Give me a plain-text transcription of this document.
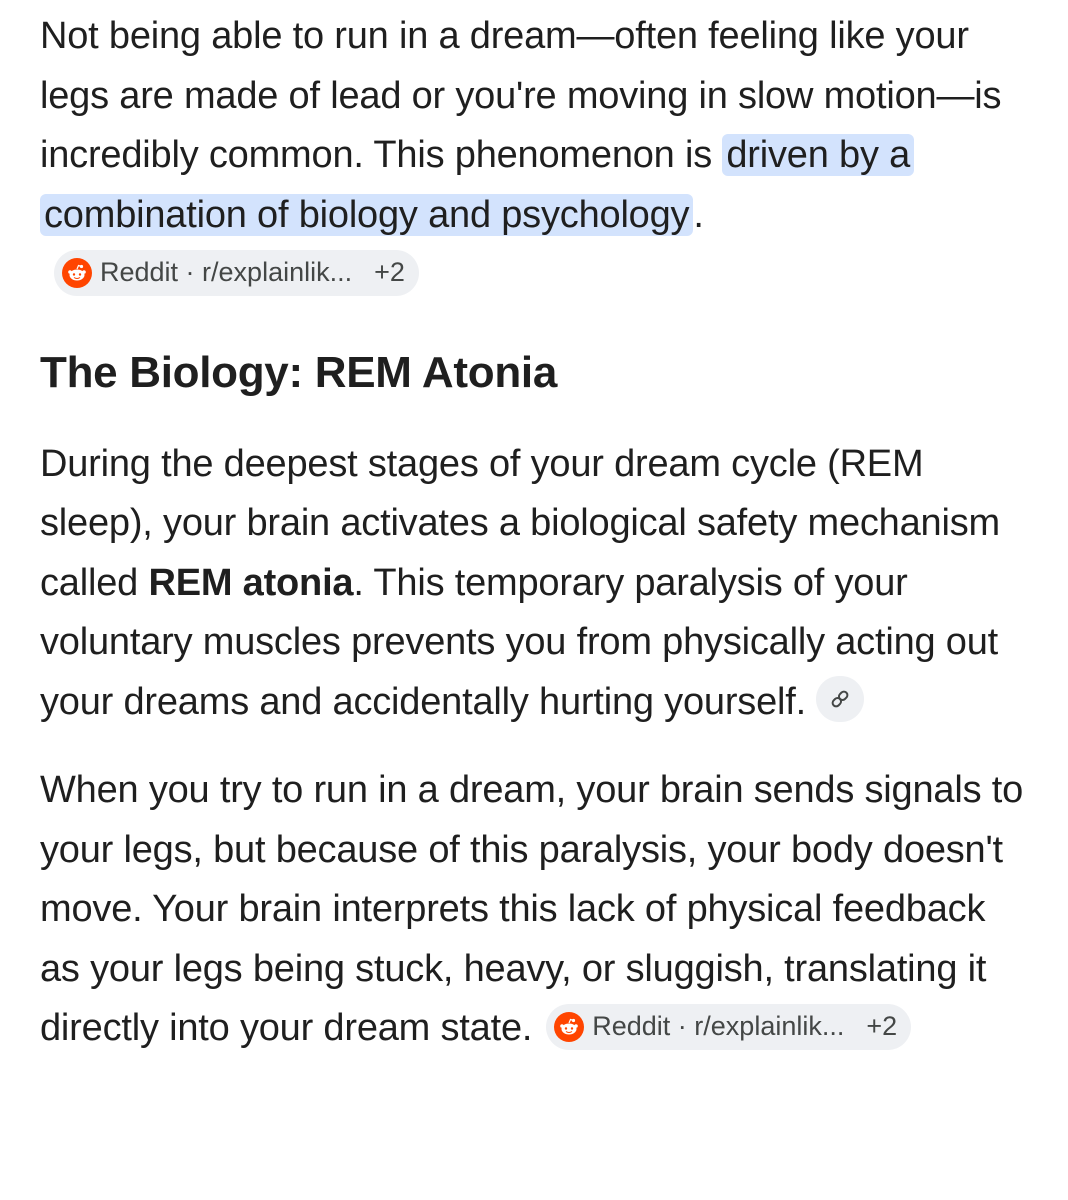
Not being able to run in a dream—often feeling like your legs are made of lead or you're moving in slow motion—is incredibly common. This phenomenon is driven by a combination of biology and psychology .
Reddit · r/explainlik... +2

The Biology: REM Atonia

During the deepest stages of your dream cycle (REM sleep), your brain activates a biological safety mechanism called REM atonia. This temporary paralysis of your voluntary muscles prevents you from physically acting out your dreams and accidentally hurting yourself.

When you try to run in a dream, your brain sends signals to your legs, but because of this paralysis, your body doesn't move. Your brain interprets this lack of physical feedback as your legs being stuck, heavy, or sluggish, translating it directly into your dream state. Reddit · r/explainlik... +2
